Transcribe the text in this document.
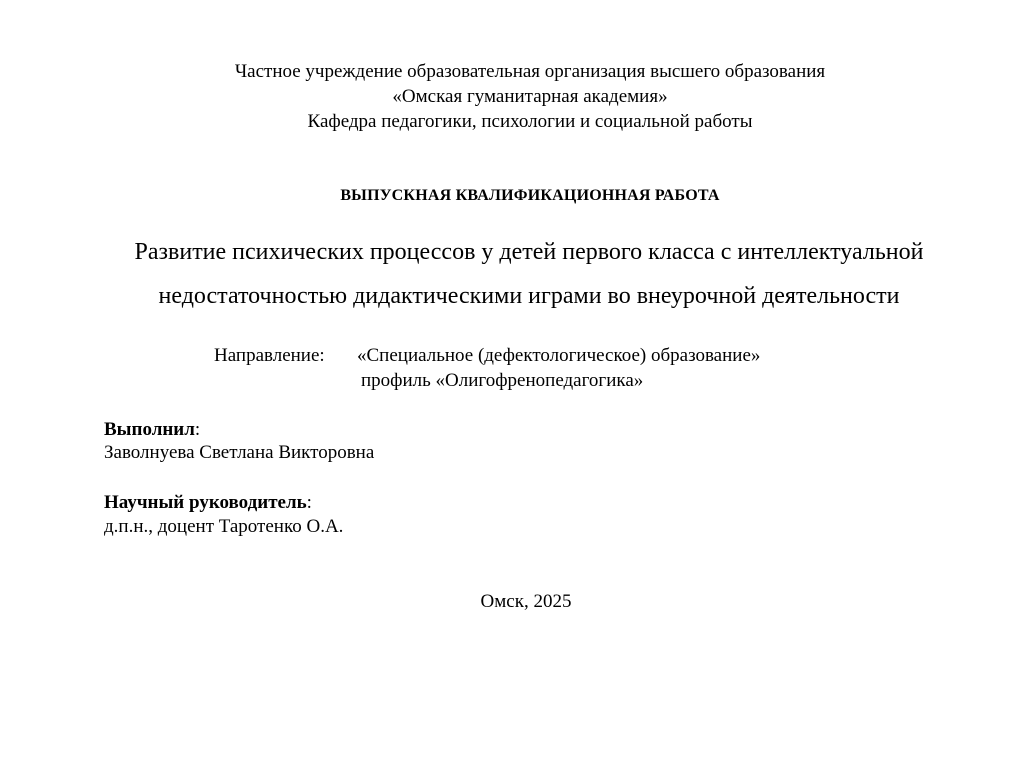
Частное учреждение образовательная организация высшего образования
«Омская гуманитарная академия»
Кафедра педагогики, психологии и социальной работы
ВЫПУСКНАЯ КВАЛИФИКАЦИОННАЯ РАБОТА
Развитие психических процессов у детей первого класса с интеллектуальной
недостаточностью дидактическими играми во внеурочной деятельности
Направление: «Специальное (дефектологическое) образование»
профиль «Олигофренопедагогика»
Выполнил:
Заволнуева Светлана Викторовна
Научный руководитель:
д.п.н., доцент Таротенко О.А.
Омск, 2025
